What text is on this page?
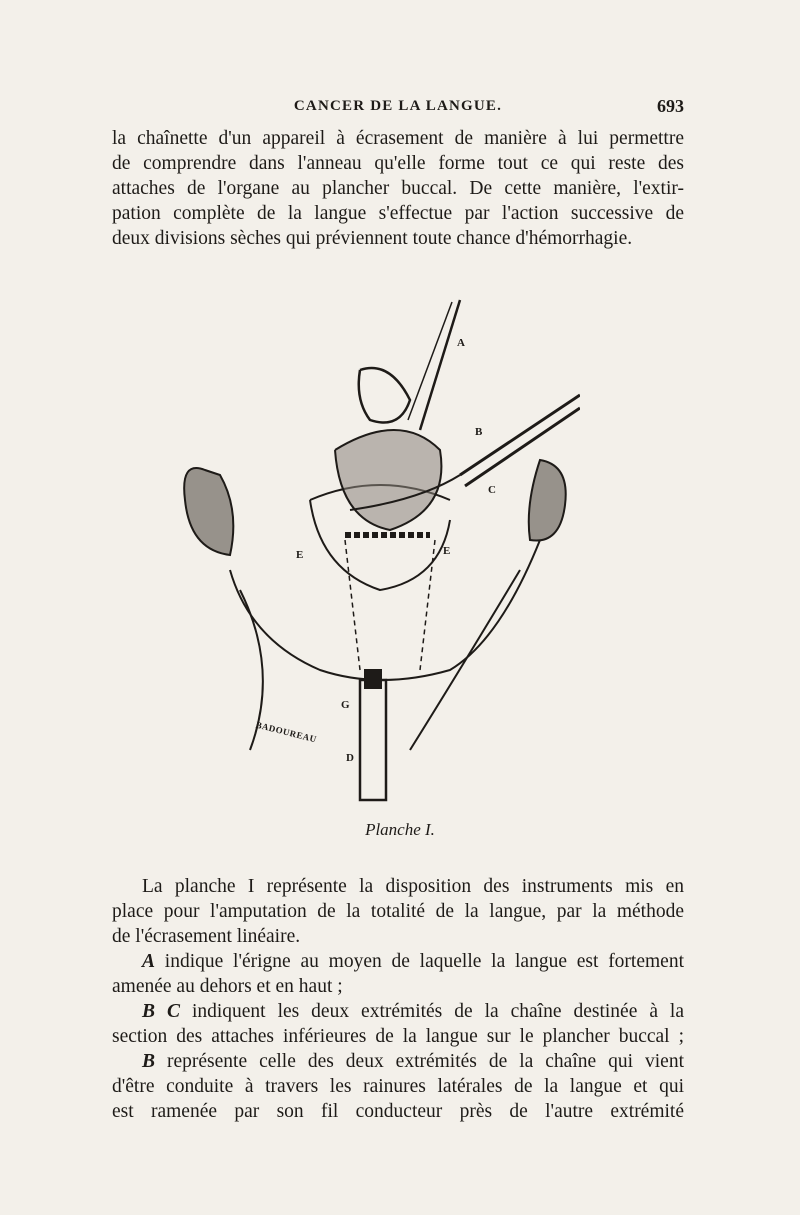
CANCER DE LA LANGUE.	693
la chaînette d'un appareil à écrasement de manière à lui permettre
de comprendre dans l'anneau qu'elle forme tout ce qui reste des
attaches de l'organe au plancher buccal. De cette manière, l'extir-
pation complète de la langue s'effectue par l'action successive de
deux divisions sèches qui préviennent toute chance d'hémorrhagie.
A
B
C
E	E
G
D
BADOUREAU
Planche I.
La planche I représente la disposition des instruments mis en
place pour l'amputation de la totalité de la langue, par la méthode
de l'écrasement linéaire.
A indique l'érigne au moyen de laquelle la langue est fortement
amenée au dehors et en haut ;
B C indiquent les deux extrémités de la chaîne destinée à la
section des attaches inférieures de la langue sur le plancher buccal ;
B représente celle des deux extrémités de la chaîne qui vient
d'être conduite à travers les rainures latérales de la langue et qui
est ramenée par son fil conducteur près de l'autre extrémité
